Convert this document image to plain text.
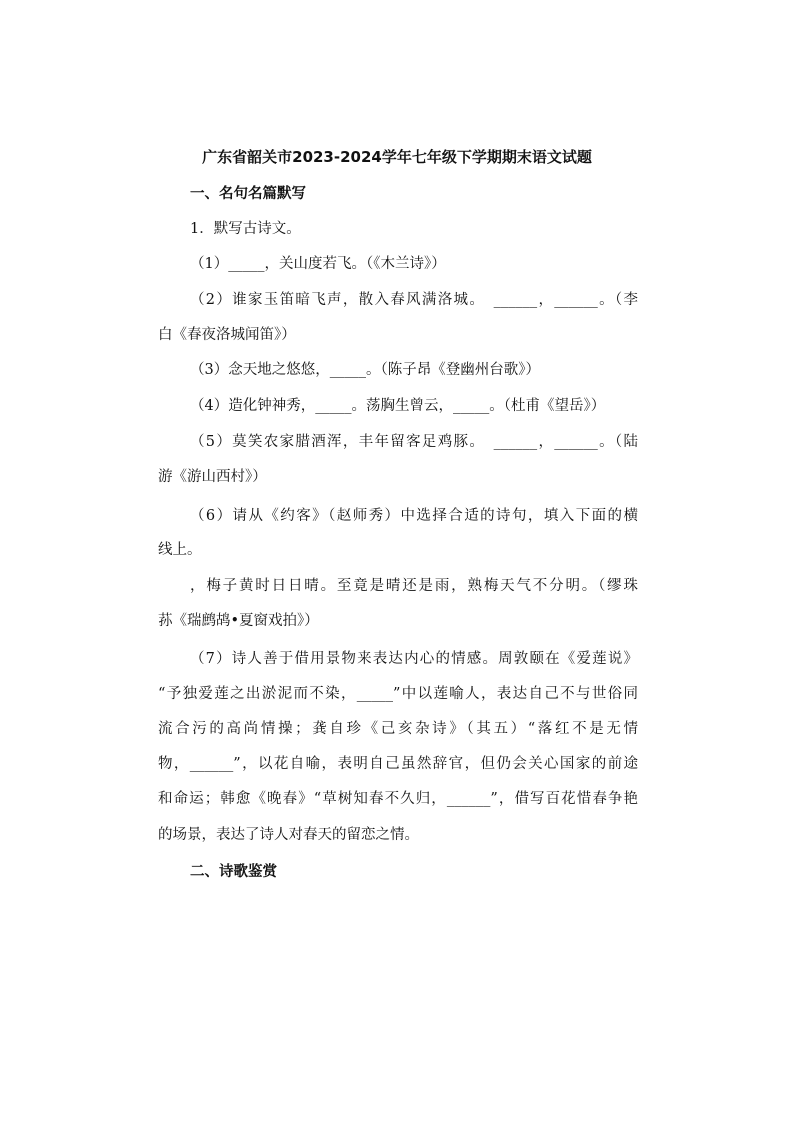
广东省韶关市2023-2024学年七年级下学期期末语文试题
一、名句名篇默写
1．默写古诗文。
（1）_____，关山度若飞。（《木兰诗》）
（2）谁家玉笛暗飞声，散入春风满洛城。　______，______。（李
白《春夜洛城闻笛》）
（3）念天地之悠悠，_____。（陈子昂《登幽州台歌》）
（4）造化钟神秀，_____。荡胸生曾云，_____。（杜甫《望岳》）
（5）莫笑农家腊酒浑，丰年留客足鸡豚。　______，______。（陆
游《游山西村》）
（6）请从《约客》（赵师秀）中选择合适的诗句，填入下面的横
线上。
，梅子黄时日日晴。至竟是晴还是雨，熟梅天气不分明。（缪珠
荪《瑞鹧鸪•夏窗戏拍》）
（7）诗人善于借用景物来表达内心的情感。周敦颐在《爱莲说》
“予独爱莲之出淤泥而不染，_____”中以莲喻人，表达自己不与世俗同
流合污的高尚情操；龚自珍《己亥杂诗》（其五）“落红不是无情
物，______”，以花自喻，表明自己虽然辞官，但仍会关心国家的前途
和命运；韩愈《晚春》“草树知春不久归，______”，借写百花惜春争艳
的场景，表达了诗人对春天的留恋之情。
二、诗歌鉴赏
